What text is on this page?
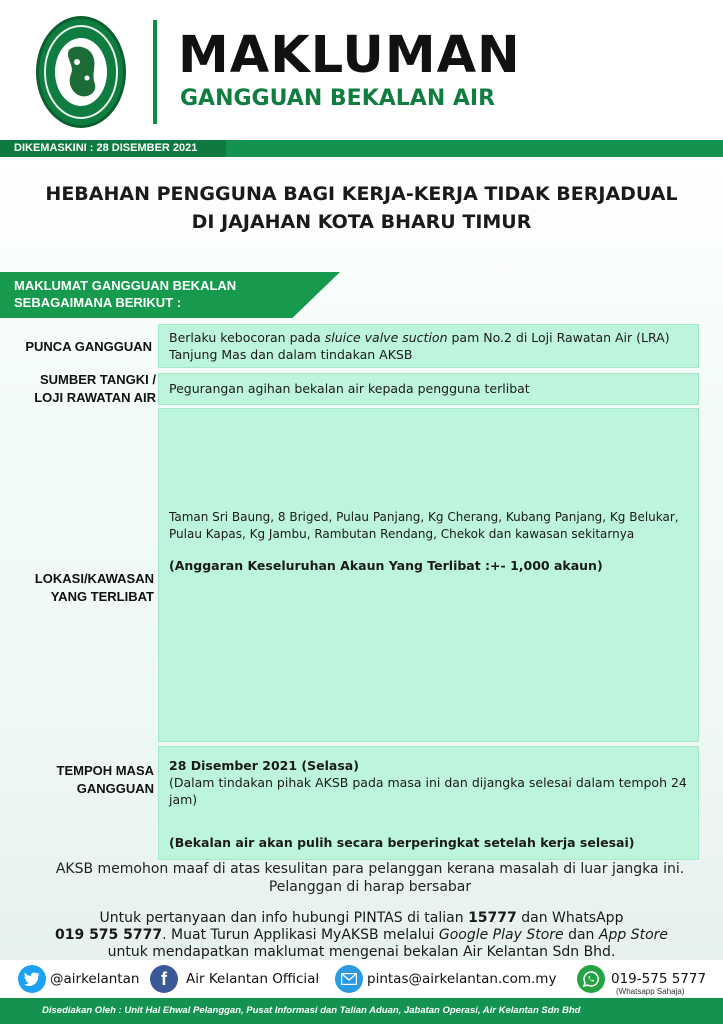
MAKLUMAN
GANGGUAN BEKALAN AIR
DIKEMASKINI : 28 DISEMBER 2021
HEBAHAN PENGGUNA BAGI KERJA-KERJA TIDAK BERJADUAL
DI JAJAHAN KOTA BHARU TIMUR
MAKLUMAT GANGGUAN BEKALAN
SEBAGAIMANA BERIKUT :
PUNCA GANGGUAN
Berlaku kebocoran pada sluice valve suction pam No.2 di Loji Rawatan Air (LRA) Tanjung Mas dan dalam tindakan AKSB
SUMBER TANGKI /
LOJI RAWATAN AIR
Pegurangan agihan bekalan air kepada pengguna terlibat
LOKASI/KAWASAN
YANG TERLIBAT
Taman Sri Baung, 8 Briged, Pulau Panjang, Kg Cherang, Kubang Panjang, Kg Belukar, Pulau Kapas, Kg Jambu, Rambutan Rendang, Chekok dan kawasan sekitarnya
(Anggaran Keseluruhan Akaun Yang Terlibat :+- 1,000 akaun)
TEMPOH MASA
GANGGUAN
28 Disember 2021 (Selasa)
(Dalam tindakan pihak AKSB pada masa ini dan dijangka selesai dalam tempoh 24 jam)
(Bekalan air akan pulih secara berperingkat setelah kerja selesai)
AKSB memohon maaf di atas kesulitan para pelanggan kerana masalah di luar jangka ini. Pelanggan di harap bersabar
Untuk pertanyaan dan info hubungi PINTAS di talian 15777 dan WhatsApp
019 575 5777. Muat Turun Applikasi MyAKSB melalui Google Play Store dan App Store
untuk mendapatkan maklumat mengenai bekalan Air Kelantan Sdn Bhd.
@airkelantan	f	Air Kelantan Official	pintas@airkelantan.com.my	019-575 5777
(Whatsapp Sahaja)
Disediakan Oleh : Unit Hal Ehwal Pelanggan, Pusat Informasi dan Talian Aduan, Jabatan Operasi, Air Kelantan Sdn Bhd
